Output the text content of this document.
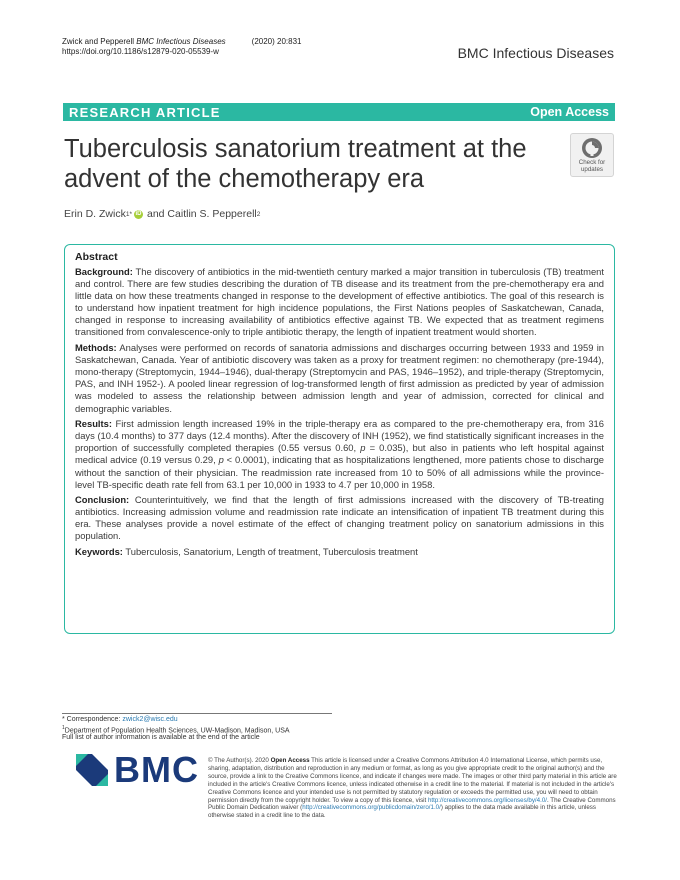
Zwick and Pepperell BMC Infectious Diseases	(2020) 20:831
https://doi.org/10.1186/s12879-020-05539-w	BMC Infectious Diseases
RESEARCH ARTICLE	Open Access
Tuberculosis sanatorium treatment at the advent of the chemotherapy era
Check for
updates
Erin D. Zwick 1* iD and Caitlin S. Pepperell 2
Abstract

Background: The discovery of antibiotics in the mid-twentieth century marked a major transition in tuberculosis (TB) treatment and control. There are few studies describing the duration of TB disease and its treatment from the pre-chemotherapy era and little data on how these treatments changed in response to the development of effective antibiotics. The goal of this research is to understand how inpatient treatment for high incidence populations, the First Nations peoples of Saskatchewan, Canada, changed in response to increasing availability of antibiotics effective against TB. We expected that as treatment regimens transitioned from convalescence-only to triple antibiotic therapy, the length of inpatient treatment would shorten.

Methods: Analyses were performed on records of sanatoria admissions and discharges occurring between 1933 and 1959 in Saskatchewan, Canada. Year of antibiotic discovery was taken as a proxy for treatment regimen: no chemotherapy (pre-1944), mono-therapy (Streptomycin, 1944–1946), dual-therapy (Streptomycin and PAS, 1946–1952), and triple-therapy (Streptomycin, PAS, and INH 1952-). A pooled linear regression of log-transformed length of first admission as predicted by year of admission was modeled to assess the relationship between admission length and year of admission, corrected for clinical and demographic variables.

Results: First admission length increased 19% in the triple-therapy era as compared to the pre-chemotherapy era, from 316 days (10.4 months) to 377 days (12.4 months). After the discovery of INH (1952), we find statistically significant increases in the proportion of successfully completed therapies (0.55 versus 0.60, p = 0.035), but also in patients who left hospital against medical advice (0.19 versus 0.29, p < 0.0001), indicating that as hospitalizations lengthened, more patients chose to discharge without the sanction of their physician. The readmission rate increased from 10 to 50% of all admissions while the province-level TB-specific death rate fell from 63.1 per 10,000 in 1933 to 4.7 per 10,000 in 1958.

Conclusion: Counterintuitively, we find that the length of first admissions increased with the discovery of TB-treating antibiotics. Increasing admission volume and readmission rate indicate an intensification of inpatient TB treatment during this era. These analyses provide a novel estimate of the effect of changing treatment policy on sanatorium admissions in this population.

Keywords: Tuberculosis, Sanatorium, Length of treatment, Tuberculosis treatment

* Correspondence: zwick2@wisc.edu
$^1$Department of Population Health Sciences, UW-Madison, Madison, USA
Full list of author information is available at the end of the article
BMC © The Author(s). 2020 Open Access This article is licensed under a Creative Commons Attribution 4.0 International License, which permits use, sharing, adaptation, distribution and reproduction in any medium or format, as long as you give appropriate credit to the original author(s) and the source, provide a link to the Creative Commons licence, and indicate if changes were made. The images or other third party material in this article are included in the article's Creative Commons licence, unless indicated otherwise in a credit line to the material. If material is not included in the article's Creative Commons licence and your intended use is not permitted by statutory regulation or exceeds the permitted use, you will need to obtain permission directly from the copyright holder. To view a copy of this licence, visit http://creativecommons.org/licenses/by/4.0/. The Creative Commons Public Domain Dedication waiver (http://creativecommons.org/publicdomain/zero/1.0/) applies to the data made available in this article, unless otherwise stated in a credit line to the data.
